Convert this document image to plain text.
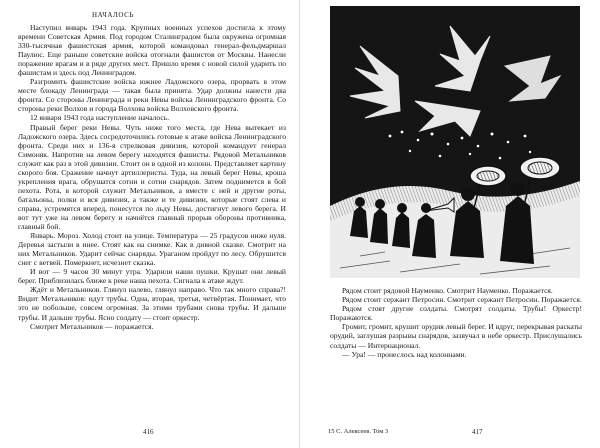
НАЧАЛОСЬ

Наступил январь 1943 года. Крупных военных успехов достигла к этому времени Советская Армия. Под городом Сталинградом была окружена огромная 330-тысячная фашистская армия, которой командовал генерал-фельдмаршал Паулюс. Еще раньше советские войска отогнали фашистов от Москвы. Нанесли поражение врагам и в ряде других мест. Пришло время с новой силой ударить по фашистам и здесь под Ленинградом.

Разгромить фашистские войска южнее Ладожского озера, прорвать в этом месте блокаду Ленинграда — такая была принята. Удар должны нанести два фронта. Со стороны Ленинграда и реки Невы войска Ленинградского фронта. Со стороны реки Волхов и города Волхова войска Волховского фронта.

12 января 1943 года наступление началось.

Правый берег реки Невы. Чуть ниже того места, где Нева вытекает из Ладожского озера. Здесь сосредоточились готовые к атаке войска Ленинградского фронта. Среди них и 136-я стрелковая дивизия, которой командует генерал Симоняк. Напротив на левом берегу находятся фашисты. Рядовой Метальников служит как раз в этой дивизии. Стоит он в одной из колонн. Представляет картину скорого боя. Сражение начнут артиллеристы. Туда, на левый берег Невы, кроша укрепления врага, обрушатся сотни и сотни снарядов. Затем поднимется в бой пехота. Рота, в которой служит Метальников, а вместе с ней и другие роты, батальоны, полки и вся дивизия, а также и те дивизии, которые стоят слева и справа, устремятся вперед, понесутся по льду Невы, достигнут левого берега. И вот тут уже на левом берегу и начнётся главный прорыв обороны противника, главный бой.

Январь. Мороз. Холод стоит на улице. Температура — 25 градусов ниже нуля. Деревья застыли в инее. Стоят как на снимке. Как в дивной сказке. Смотрит на них Метальников. Ударит сейчас снаряды. Ураганом пройдут по лесу. Обрушится снег с ветвей. Померкнет, исчезнет сказка.

И вот — 9 часов 30 минут утра. Ударили наши пушки. Крушат они левый берег. Приблизилась ближе к реке наша пехота. Сигнала к атаке ждут.

Ждёт и Метальников. Глянул налево, глянул направо. Что так много справа?! Видит Метальников: идут трубы. Одна, вторая, третья, четвёртая. Понимает, что это не побольше, совсем огромная. За этими трубами снова трубы. И дальше трубы. И дальше трубы. Ясно солдату — стоит оркестр.

Смотрит Метальников — поражается.

416

Рядом стоит рядовой Науменко. Смотрит Науменко. Поражается.

Рядом стоит сержант Петросин. Смотрит сержант Петросин. Поражается.

Рядом стоят другие солдаты. Смотрят солдаты. Трубы! Оркестр! Поражаются.

Громит, громит, крушит орудия левый берег. И вдруг, перекрывая раскаты орудий, заглушая разрывы снарядов, зазвучал в небе оркестр. Прислушались солдаты — Интернационал.

— Ура! — пронеслось над колоннами.

15 С. Алексеев. Том 3	417
